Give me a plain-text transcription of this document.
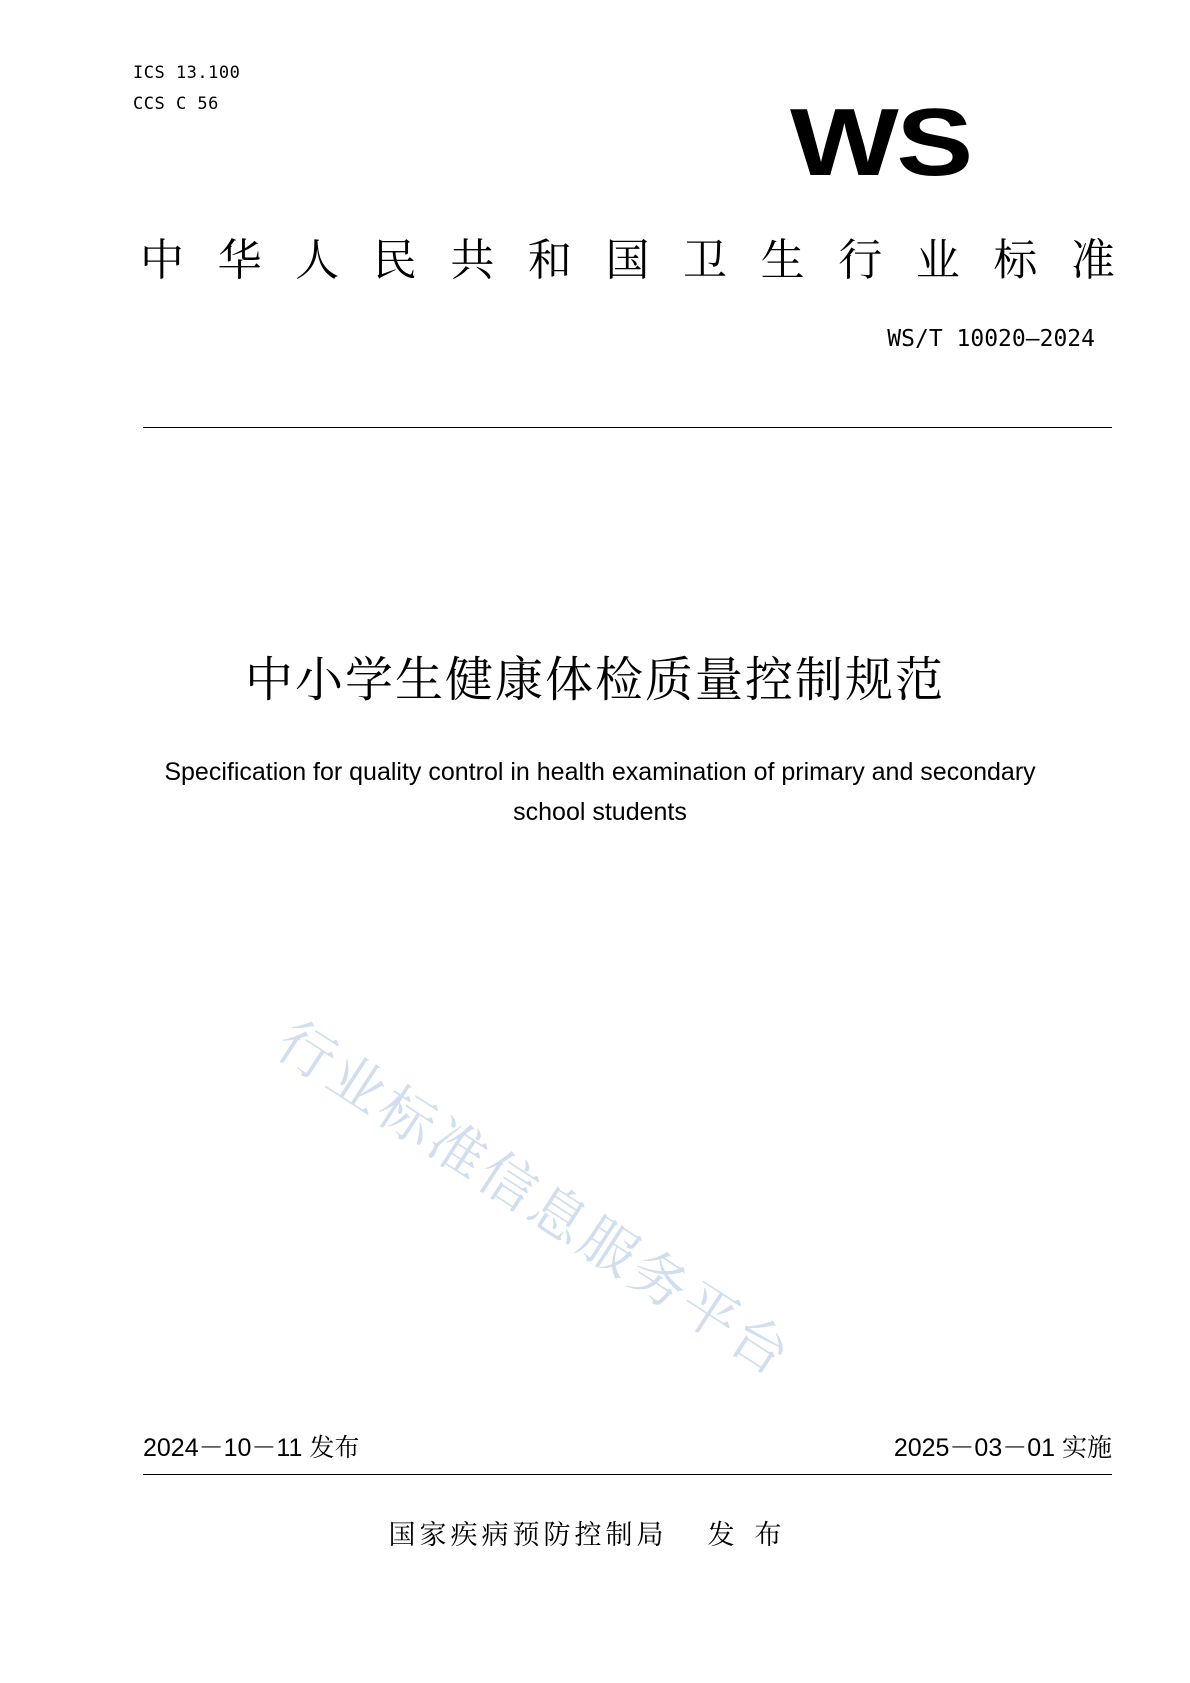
ICS 13.100
CCS C 56	WS
中 华 人 民 共 和 国 卫 生 行 业 标 准
WS/T 10020—2024
中小学生健康体检质量控制规范
Specification for quality control in health examination of primary and secondary
school students
行业标准信息服务平台
2024－10－11 发布	2025－03－01 实施
国家疾病预防控制局 发布
